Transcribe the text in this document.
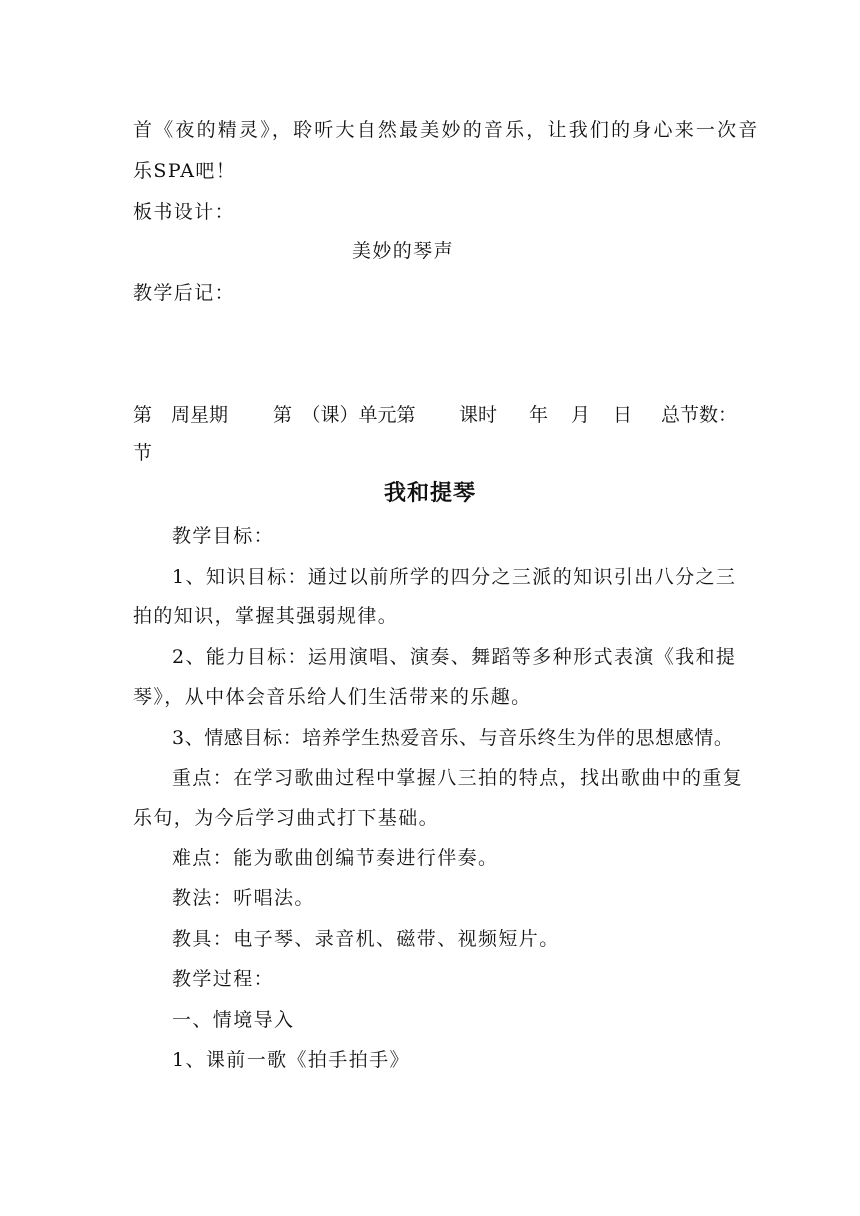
首《夜的精灵》，聆听大自然最美妙的音乐，让我们的身心来一次音
乐SPA吧！
板书设计：
美妙的琴声
教学后记：
第　周星期 第　（课）单元第 课时 年 月 日 总节数：
节
我和提琴
教学目标：
1、知识目标：通过以前所学的四分之三派的知识引出八分之三
拍的知识，掌握其强弱规律。
2、能力目标：运用演唱、演奏、舞蹈等多种形式表演《我和提
琴》，从中体会音乐给人们生活带来的乐趣。
3、情感目标：培养学生热爱音乐、与音乐终生为伴的思想感情。
重点：在学习歌曲过程中掌握八三拍的特点，找出歌曲中的重复
乐句，为今后学习曲式打下基础。
难点：能为歌曲创编节奏进行伴奏。
教法：听唱法。
教具：电子琴、录音机、磁带、视频短片。
教学过程：
一、情境导入
1、课前一歌《拍手拍手》
